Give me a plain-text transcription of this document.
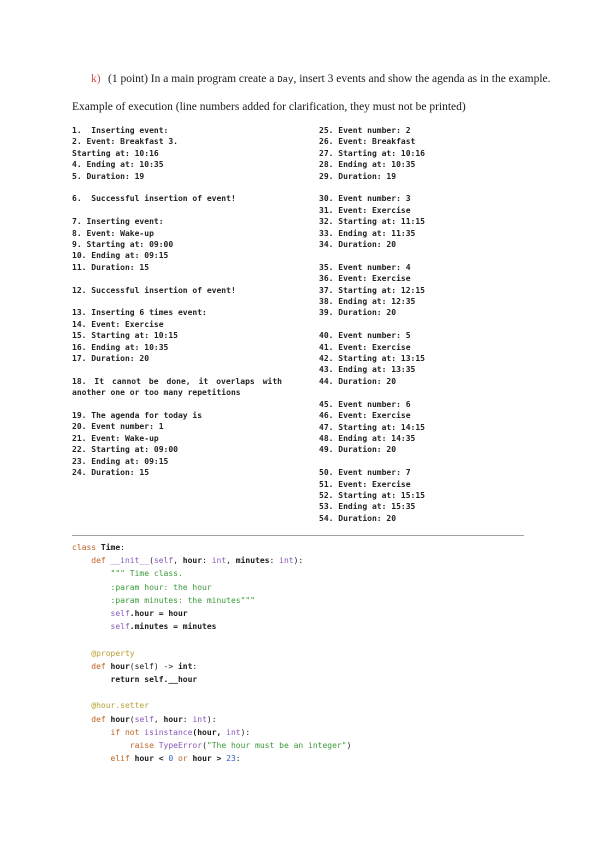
k) (1 point) In a main program create a Day, insert 3 events and show the agenda as in the example.
Example of execution (line numbers added for clarification, they must not be printed)
1.  Inserting event:
2. Event: Breakfast 3.
Starting at: 10:16
4. Ending at: 10:35
5. Duration: 19
6.  Successful insertion of event!
7. Inserting event:
8. Event: Wake-up
9. Starting at: 09:00
10. Ending at: 09:15
11. Duration: 15
12. Successful insertion of event!
13. Inserting 6 times event:
14. Event: Exercise
15. Starting at: 10:15
16. Ending at: 10:35
17. Duration: 20
18. It cannot be done, it overlaps with another one or too many repetitions
19. The agenda for today is
20. Event number: 1
21. Event: Wake-up
22. Starting at: 09:00
23. Ending at: 09:15
24. Duration: 15
25. Event number: 2
26. Event: Breakfast
27. Starting at: 10:16
28. Ending at: 10:35
29. Duration: 19
30. Event number: 3
31. Event: Exercise
32. Starting at: 11:15
33. Ending at: 11:35
34. Duration: 20
35. Event number: 4
36. Event: Exercise
37. Starting at: 12:15
38. Ending at: 12:35
39. Duration: 20
40. Event number: 5
41. Event: Exercise
42. Starting at: 13:15
43. Ending at: 13:35
44. Duration: 20
45. Event number: 6
46. Event: Exercise
47. Starting at: 14:15
48. Ending at: 14:35
49. Duration: 20
50. Event number: 7
51. Event: Exercise
52. Starting at: 15:15
53. Ending at: 15:35
54. Duration: 20
class Time:
def __init__(self, hour: int, minutes: int):
""" Time class.
:param hour: the hour
:param minutes: the minutes"""
self.hour = hour
self.minutes = minutes
@property
def hour(self) -> int:
return self.__hour
@hour.setter
def hour(self, hour: int):
if not isinstance(hour, int):
raise TypeError("The hour must be an integer")
elif hour < 0 or hour > 23:
